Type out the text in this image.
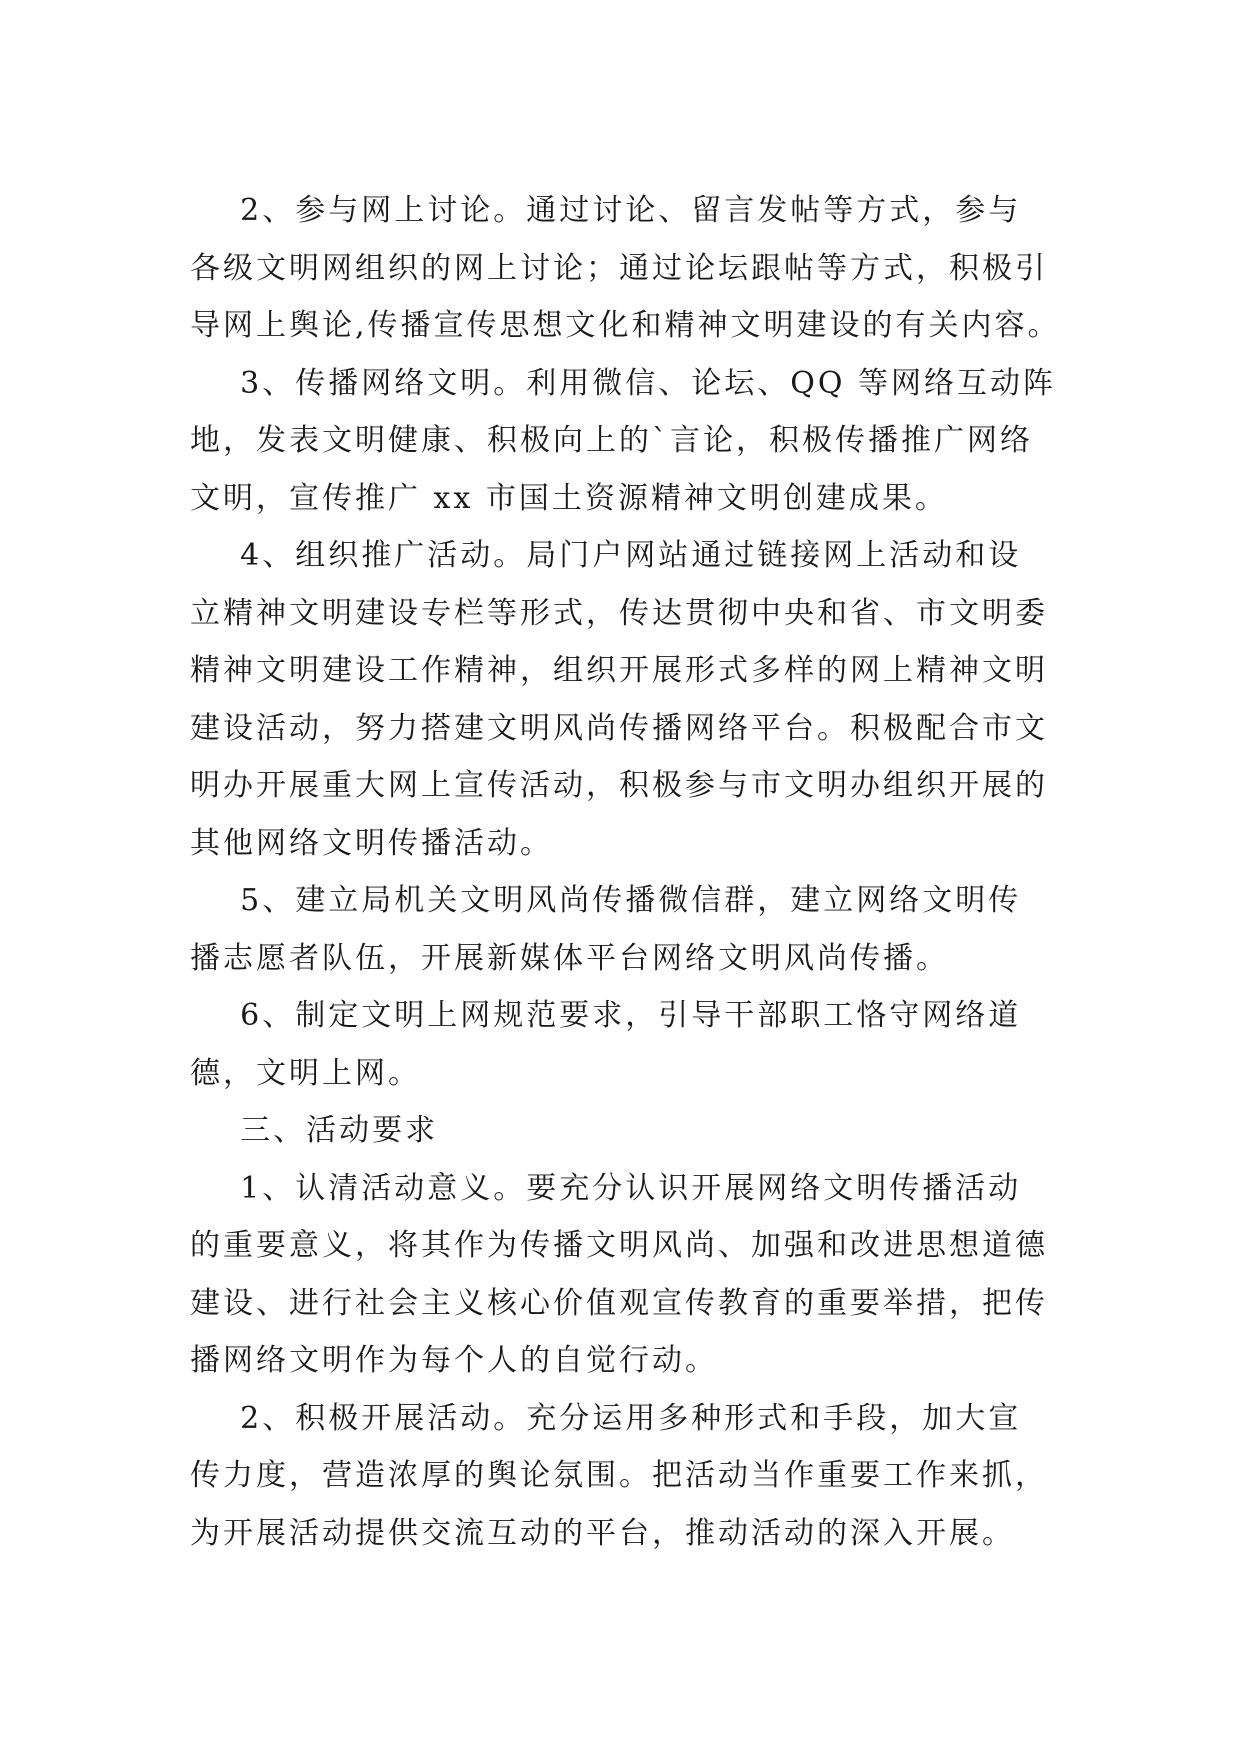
2、参与网上讨论。通过讨论、留言发帖等方式，参与
各级文明网组织的网上讨论；通过论坛跟帖等方式，积极引
导网上舆论,传播宣传思想文化和精神文明建设的有关内容。
3、传播网络文明。利用微信、论坛、QQ 等网络互动阵
地，发表文明健康、积极向上的`言论，积极传播推广网络
文明，宣传推广 xx 市国土资源精神文明创建成果。
4、组织推广活动。局门户网站通过链接网上活动和设
立精神文明建设专栏等形式，传达贯彻中央和省、市文明委
精神文明建设工作精神，组织开展形式多样的网上精神文明
建设活动，努力搭建文明风尚传播网络平台。积极配合市文
明办开展重大网上宣传活动，积极参与市文明办组织开展的
其他网络文明传播活动。
5、建立局机关文明风尚传播微信群，建立网络文明传
播志愿者队伍，开展新媒体平台网络文明风尚传播。
6、制定文明上网规范要求，引导干部职工恪守网络道
德，文明上网。
三、活动要求
1、认清活动意义。要充分认识开展网络文明传播活动
的重要意义，将其作为传播文明风尚、加强和改进思想道德
建设、进行社会主义核心价值观宣传教育的重要举措，把传
播网络文明作为每个人的自觉行动。
2、积极开展活动。充分运用多种形式和手段，加大宣
传力度，营造浓厚的舆论氛围。把活动当作重要工作来抓，
为开展活动提供交流互动的平台，推动活动的深入开展。
